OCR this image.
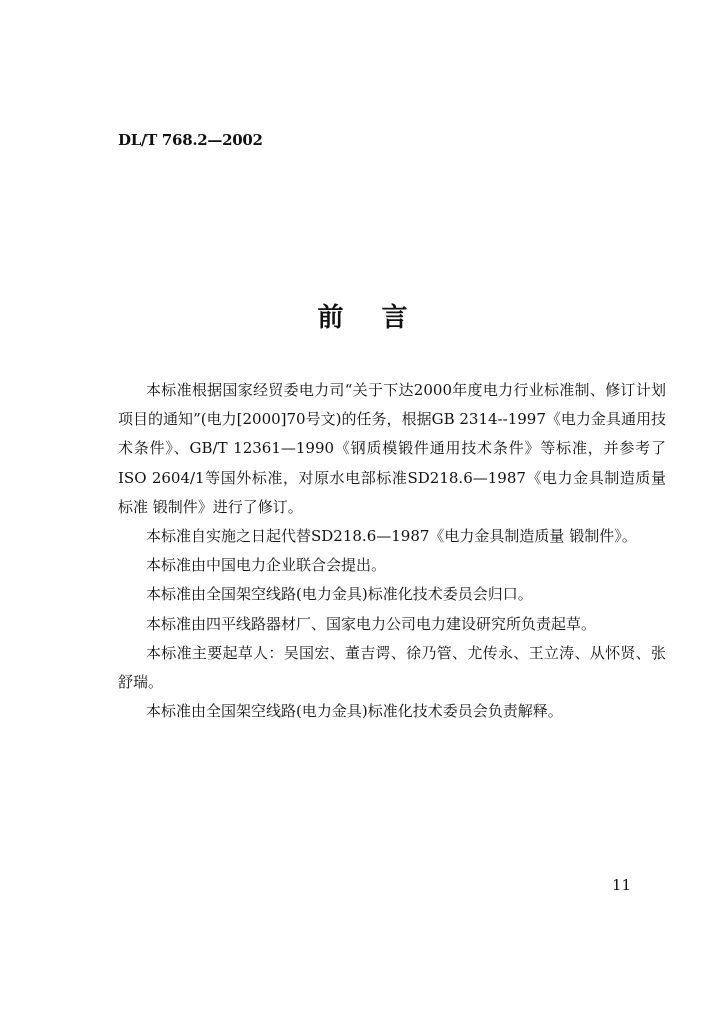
DL/T 768.2—2002
前言

本标准根据国家经贸委电力司“关于下达2000年度电力行业标准制、修订计划项目的通知”(电力[2000]70号文)的任务，根据GB 2314--1997《电力金具通用技术条件》、GB/T 12361—1990《钢质模锻件通用技术条件》等标准，并参考了ISO 2604/1等国外标准，对原水电部标准SD218.6—1987《电力金具制造质量标准 锻制件》进行了修订。

本标准自实施之日起代替SD218.6—1987《电力金具制造质量 锻制件》。

本标准由中国电力企业联合会提出。

本标准由全国架空线路(电力金具)标准化技术委员会归口。

本标准由四平线路器材厂、国家电力公司电力建设研究所负责起草。

本标准主要起草人：吴国宏、董吉谔、徐乃管、尤传永、王立涛、从怀贤、张舒瑞。

本标准由全国架空线路(电力金具)标准化技术委员会负责解释。

11
